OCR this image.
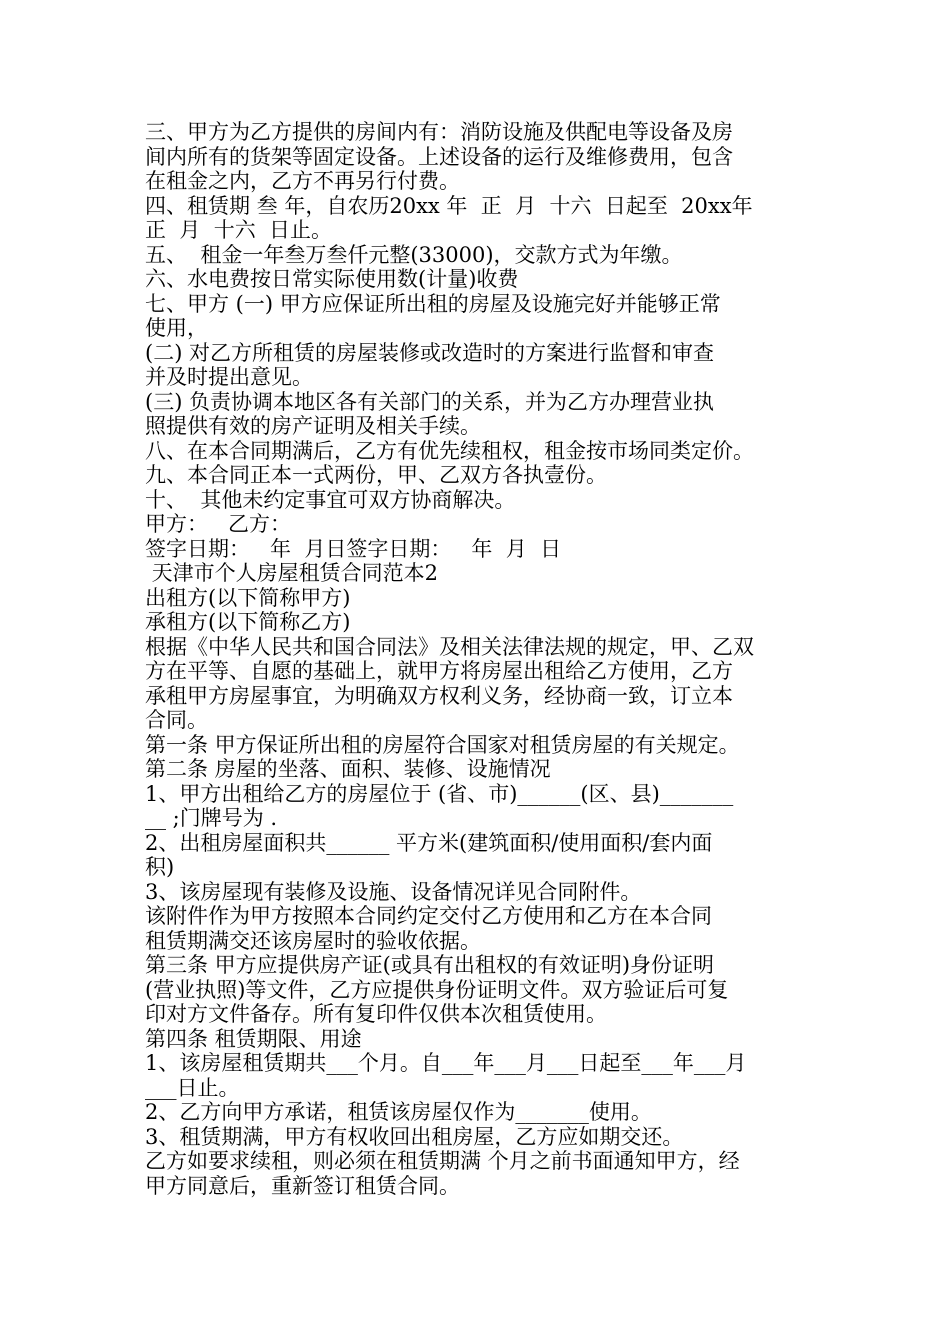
三、甲方为乙方提供的房间内有：消防设施及供配电等设备及房

间内所有的货架等固定设备。上述设备的运行及维修费用，包含

在租金之内，乙方不再另行付费。

四、租赁期 叁 年，自农历20xx 年  正  月  十六  日起至  20xx年

正  月  十六  日止。

五、  租金一年叁万叁仟元整(33000)，交款方式为年缴。

六、水电费按日常实际使用数(计量)收费

七、甲方 (一) 甲方应保证所出租的房屋及设施完好并能够正常

使用，

(二) 对乙方所租赁的房屋装修或改造时的方案进行监督和审查

并及时提出意见。

(三) 负责协调本地区各有关部门的关系，并为乙方办理营业执

照提供有效的房产证明及相关手续。

八、在本合同期满后，乙方有优先续租权，租金按市场同类定价。

九、本合同正本一式两份，甲、乙双方各执壹份。

十、  其他未约定事宜可双方协商解决。

甲方：   乙方：

签字日期：   年  月日签字日期：   年  月  日

天津市个人房屋租赁合同范本2

出租方(以下简称甲方)

承租方(以下简称乙方)

根据《中华人民共和国合同法》及相关法律法规的规定，甲、乙双

方在平等、自愿的基础上，就甲方将房屋出租给乙方使用，乙方

承租甲方房屋事宜，为明确双方权利义务，经协商一致，订立本

合同。

第一条 甲方保证所出租的房屋符合国家对租赁房屋的有关规定。

第二条 房屋的坐落、面积、装修、设施情况

1、甲方出租给乙方的房屋位于 (省、市)______(区、县)_______

__ ;门牌号为 .

2、出租房屋面积共______ 平方米(建筑面积/使用面积/套内面

积)

3、该房屋现有装修及设施、设备情况详见合同附件。

该附件作为甲方按照本合同约定交付乙方使用和乙方在本合同

租赁期满交还该房屋时的验收依据。

第三条 甲方应提供房产证(或具有出租权的有效证明)身份证明

(营业执照)等文件，乙方应提供身份证明文件。双方验证后可复

印对方文件备存。所有复印件仅供本次租赁使用。

第四条 租赁期限、用途

1、该房屋租赁期共___个月。自___年___月___日起至___年___月

___日止。

2、乙方向甲方承诺，租赁该房屋仅作为_______使用。

3、租赁期满，甲方有权收回出租房屋，乙方应如期交还。

乙方如要求续租，则必须在租赁期满 个月之前书面通知甲方，经

甲方同意后，重新签订租赁合同。
